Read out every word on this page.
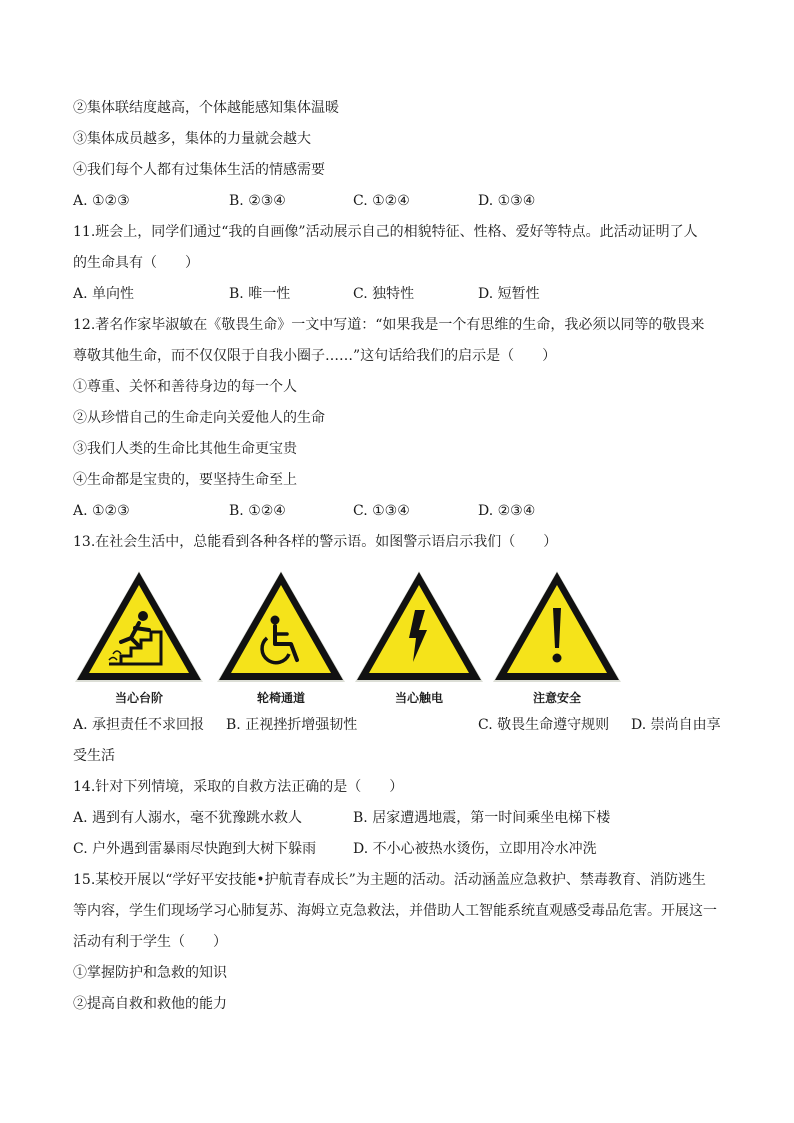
②集体联结度越高，个体越能感知集体温暖
③集体成员越多，集体的力量就会越大
④我们每个人都有过集体生活的情感需要
A. ①②③	B. ②③④	C. ①②④	D. ①③④
11.班会上，同学们通过“我的自画像”活动展示自己的相貌特征、性格、爱好等特点。此活动证明了人
的生命具有（　　）
A. 单向性	B. 唯一性	C. 独特性	D. 短暂性
12.著名作家毕淑敏在《敬畏生命》一文中写道：“如果我是一个有思维的生命，我必须以同等的敬畏来
尊敬其他生命，而不仅仅限于自我小圈子……”这句话给我们的启示是（　　）
①尊重、关怀和善待身边的每一个人
②从珍惜自己的生命走向关爱他人的生命
③我们人类的生命比其他生命更宝贵
④生命都是宝贵的，要坚持生命至上
A. ①②③	B. ①②④	C. ①③④	D. ②③④
13.在社会生活中，总能看到各种各样的警示语。如图警示语启示我们（　　）
当心台阶	轮椅通道	当心触电	注意安全
A. 承担责任不求回报 B. 正视挫折增强韧性	C. 敬畏生命遵守规则 D. 崇尚自由享
受生活
14.针对下列情境，采取的自救方法正确的是（　　）
A. 遇到有人溺水，毫不犹豫跳水救人	B. 居家遭遇地震，第一时间乘坐电梯下楼
C. 户外遇到雷暴雨尽快跑到大树下躲雨	D. 不小心被热水烫伤，立即用冷水冲洗
15.某校开展以“学好平安技能•护航青春成长”为主题的活动。活动涵盖应急救护、禁毒教育、消防逃生
等内容，学生们现场学习心肺复苏、海姆立克急救法，并借助人工智能系统直观感受毒品危害。开展这一
活动有利于学生（　　）
①掌握防护和急救的知识
②提高自救和救他的能力
